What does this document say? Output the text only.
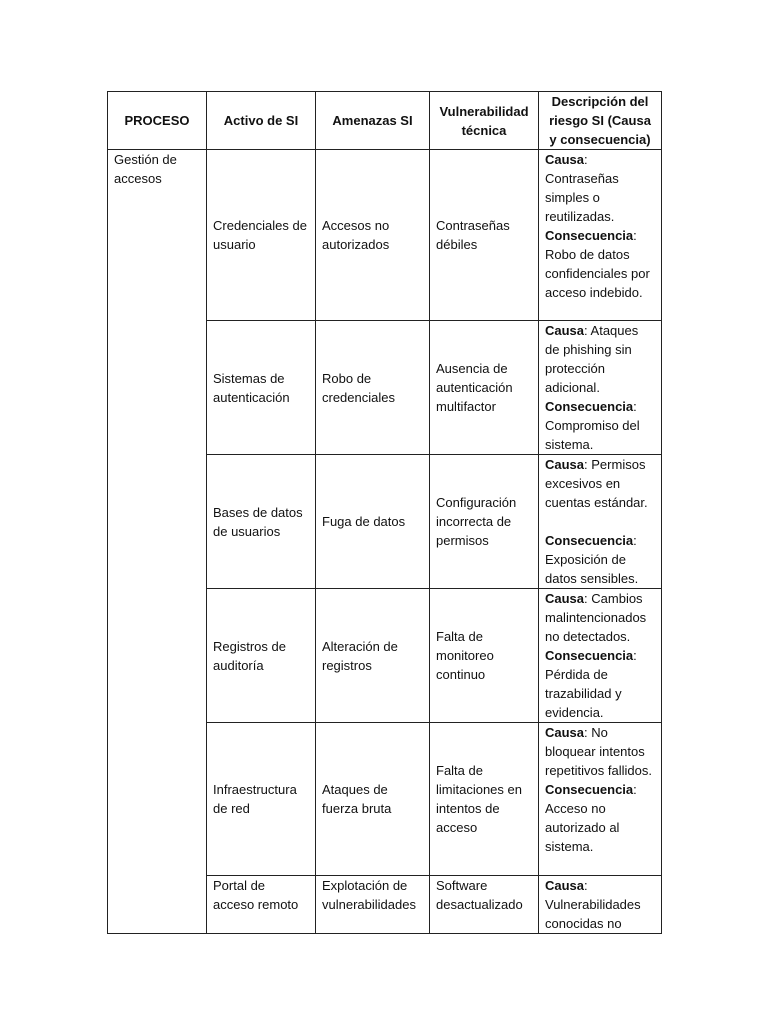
PROCESO	Activo de SI	Amenazas SI	Vulnerabilidad técnica	Descripción del riesgo SI (Causa y consecuencia)
Gestión de accesos	Credenciales de usuario	Accesos no autorizados	Contraseñas débiles	Causa: Contraseñas simples o reutilizadas.
Consecuencia: Robo de datos confidenciales por acceso indebido.
	Sistemas de autenticación	Robo de credenciales	Ausencia de autenticación multifactor	Causa: Ataques de phishing sin protección adicional.
Consecuencia: Compromiso del sistema.
	Bases de datos de usuarios	Fuga de datos	Configuración incorrecta de permisos	Causa: Permisos excesivos en cuentas estándar.
Consecuencia: Exposición de datos sensibles.
	Registros de auditoría	Alteración de registros	Falta de monitoreo continuo	Causa: Cambios malintencionados no detectados.
Consecuencia: Pérdida de trazabilidad y evidencia.
	Infraestructura de red	Ataques de fuerza bruta	Falta de limitaciones en intentos de acceso	Causa: No bloquear intentos repetitivos fallidos.
Consecuencia: Acceso no autorizado al sistema.
	Portal de acceso remoto	Explotación de vulnerabilidades	Software desactualizado	Causa: Vulnerabilidades conocidas no
